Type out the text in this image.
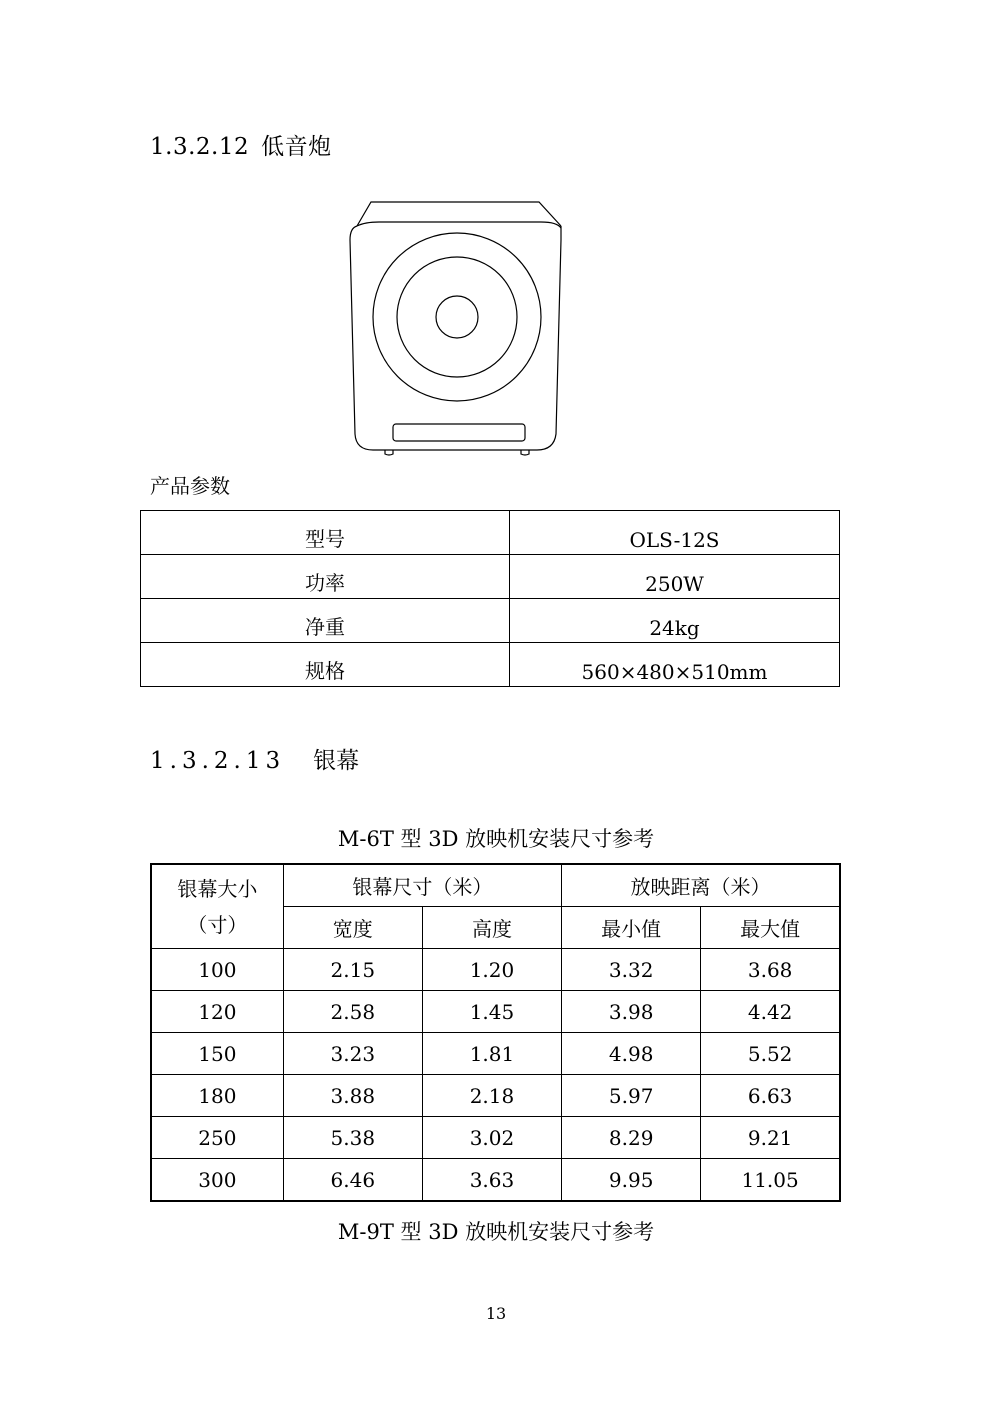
1.3.2.12 低音炮
产品参数
型号	OLS-12S
功率	250W
净重	24kg
规格	560×480×510mm
1.3.2.13 银幕
M-6T 型 3D 放映机安装尺寸参考
银幕大小
（寸）	银幕尺寸（米）		放映距离（米）	
	宽度	高度	最小值	最大值
100	2.15	1.20	3.32	3.68
120	2.58	1.45	3.98	4.42
150	3.23	1.81	4.98	5.52
180	3.88	2.18	5.97	6.63
250	5.38	3.02	8.29	9.21
300	6.46	3.63	9.95	11.05
M-9T 型 3D 放映机安装尺寸参考
13
